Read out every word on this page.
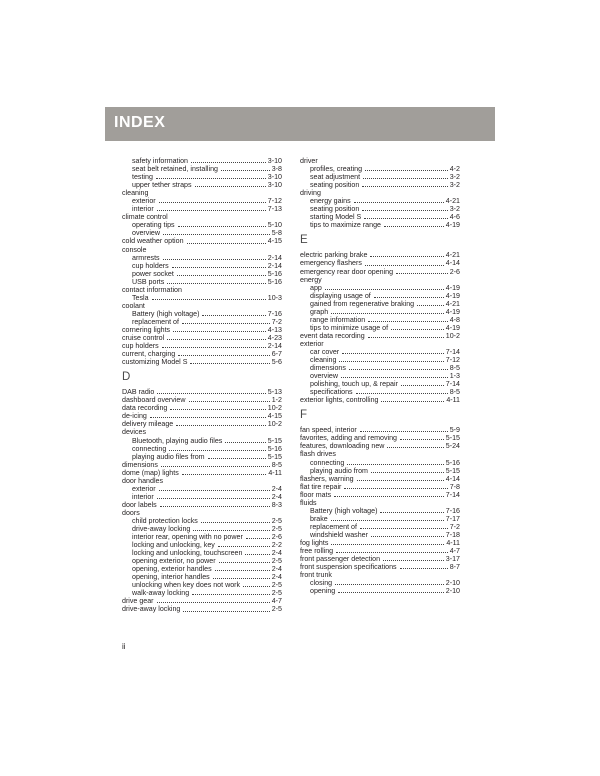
INDEX
safety information	3-10
seat belt retained, installing	3-8
testing	3-10
upper tether straps	3-10
cleaning
exterior	7-12
interior	7-13
climate control
operating tips	5-10
overview	5-8
cold weather option	4-15
console
armrests	2-14
cup holders	2-14
power socket	5-16
USB ports	5-16
contact information
Tesla	10-3
coolant
Battery (high voltage)	7-16
replacement of	7-2
cornering lights	4-13
cruise control	4-23
cup holders	2-14
current, charging	6-7
customizing Model S	5-6
D
DAB radio	5-13
dashboard overview	1-2
data recording	10-2
de-icing	4-15
delivery mileage	10-2
devices
Bluetooth, playing audio files	5-15
connecting	5-16
playing audio files from	5-15
dimensions	8-5
dome (map) lights	4-11
door handles
exterior	2-4
interior	2-4
door labels	8-3
doors
child protection locks	2-5
drive-away locking	2-5
interior rear, opening with no power	2-6
locking and unlocking, key	2-2
locking and unlocking, touchscreen	2-4
opening exterior, no power	2-5
opening, exterior handles	2-4
opening, interior handles	2-4
unlocking when key does not work	2-5
walk-away locking	2-5
drive gear	4-7
drive-away locking	2-5
driver
profiles, creating	4-2
seat adjustment	3-2
seating position	3-2
driving
energy gains	4-21
seating position	3-2
starting Model S	4-6
tips to maximize range	4-19
E
electric parking brake	4-21
emergency flashers	4-14
emergency rear door opening	2-6
energy
app	4-19
displaying usage of	4-19
gained from regenerative braking	4-21
graph	4-19
range information	4-8
tips to minimize usage of	4-19
event data recording	10-2
exterior
car cover	7-14
cleaning	7-12
dimensions	8-5
overview	1-3
polishing, touch up, & repair	7-14
specifications	8-5
exterior lights, controlling	4-11
F
fan speed, interior	5-9
favorites, adding and removing	5-15
features, downloading new	5-24
flash drives
connecting	5-16
playing audio from	5-15
flashers, warning	4-14
flat tire repair	7-8
floor mats	7-14
fluids
Battery (high voltage)	7-16
brake	7-17
replacement of	7-2
windshield washer	7-18
fog lights	4-11
free rolling	4-7
front passenger detection	3-17
front suspension specifications	8-7
front trunk
closing	2-10
opening	2-10
ii
